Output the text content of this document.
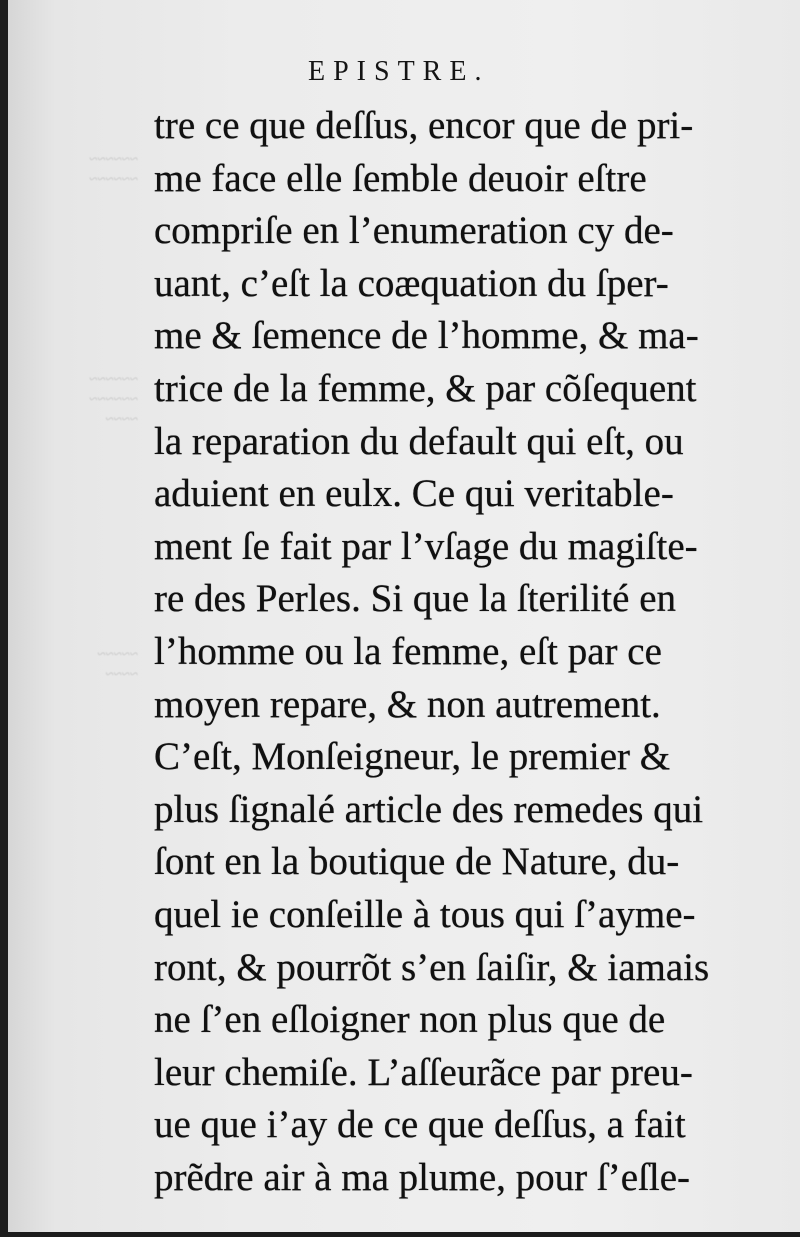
~~~~~~
~~~~~~
~~~~~~
~~~~~~
~~~~
~~~~~
~~~~
EPISTRE.
tre ce que deſſus, encor que de pri-
me face elle ſemble deuoir eſtre
compriſe en l’enumeration cy de-
uant, c’eſt la coæquation du ſper-
me & ſemence de l’homme, & ma-
trice de la femme, & par cõſequent
la reparation du default qui eſt, ou
aduient en eulx. Ce qui veritable-
ment ſe fait par l’vſage du magiſte-
re des Perles. Si que la ſterilité en
l’homme ou la femme, eſt par ce
moyen repare, & non autrement.
C’eſt, Monſeigneur, le premier &
plus ſignalé article des remedes qui
ſont en la boutique de Nature, du-
quel ie conſeille à tous qui ſ’ayme-
ront, & pourrõt s’en ſaiſir, & iamais
ne ſ’en eſloigner non plus que de
leur chemiſe. L’aſſeurãce par preu-
ue que i’ay de ce que deſſus, a fait
prẽdre air à ma plume, pour ſ’eſle-
